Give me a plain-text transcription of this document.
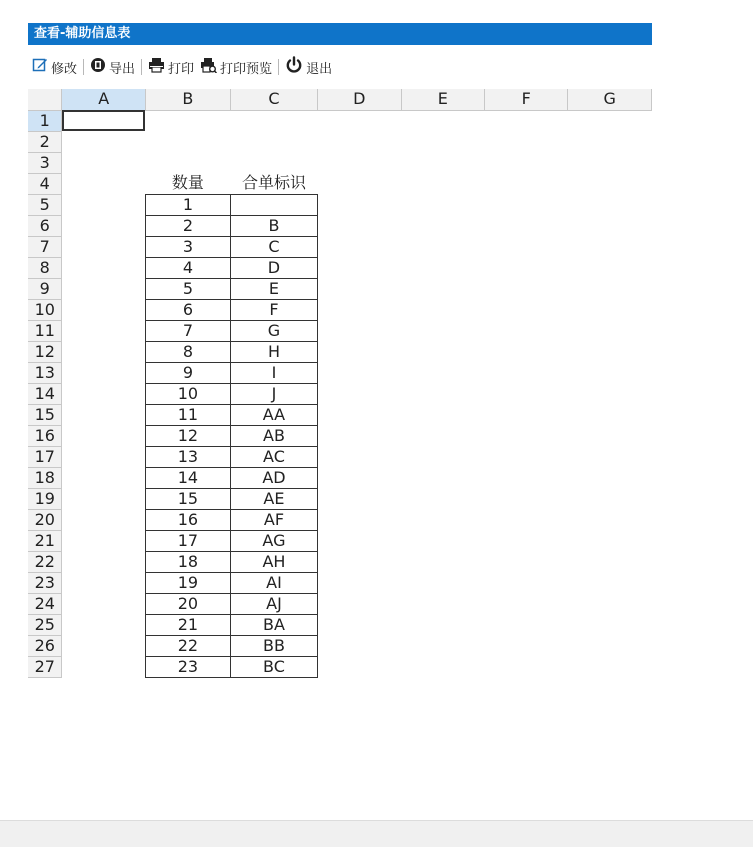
查看-辅助信息表
修改 导出	打印 打印预览	退出
	A	B	C	D	E	F	G
1							
2							
3							
4		数量	合单标识				
5		1					
6		2	B				
7		3	C				
8		4	D				
9		5	E				
10		6	F				
11		7	G				
12		8	H				
13		9	I				
14		10	J				
15		11	AA				
16		12	AB				
17		13	AC				
18		14	AD				
19		15	AE				
20		16	AF				
21		17	AG				
22		18	AH				
23		19	AI				
24		20	AJ				
25		21	BA				
26		22	BB				
27		23	BC				
